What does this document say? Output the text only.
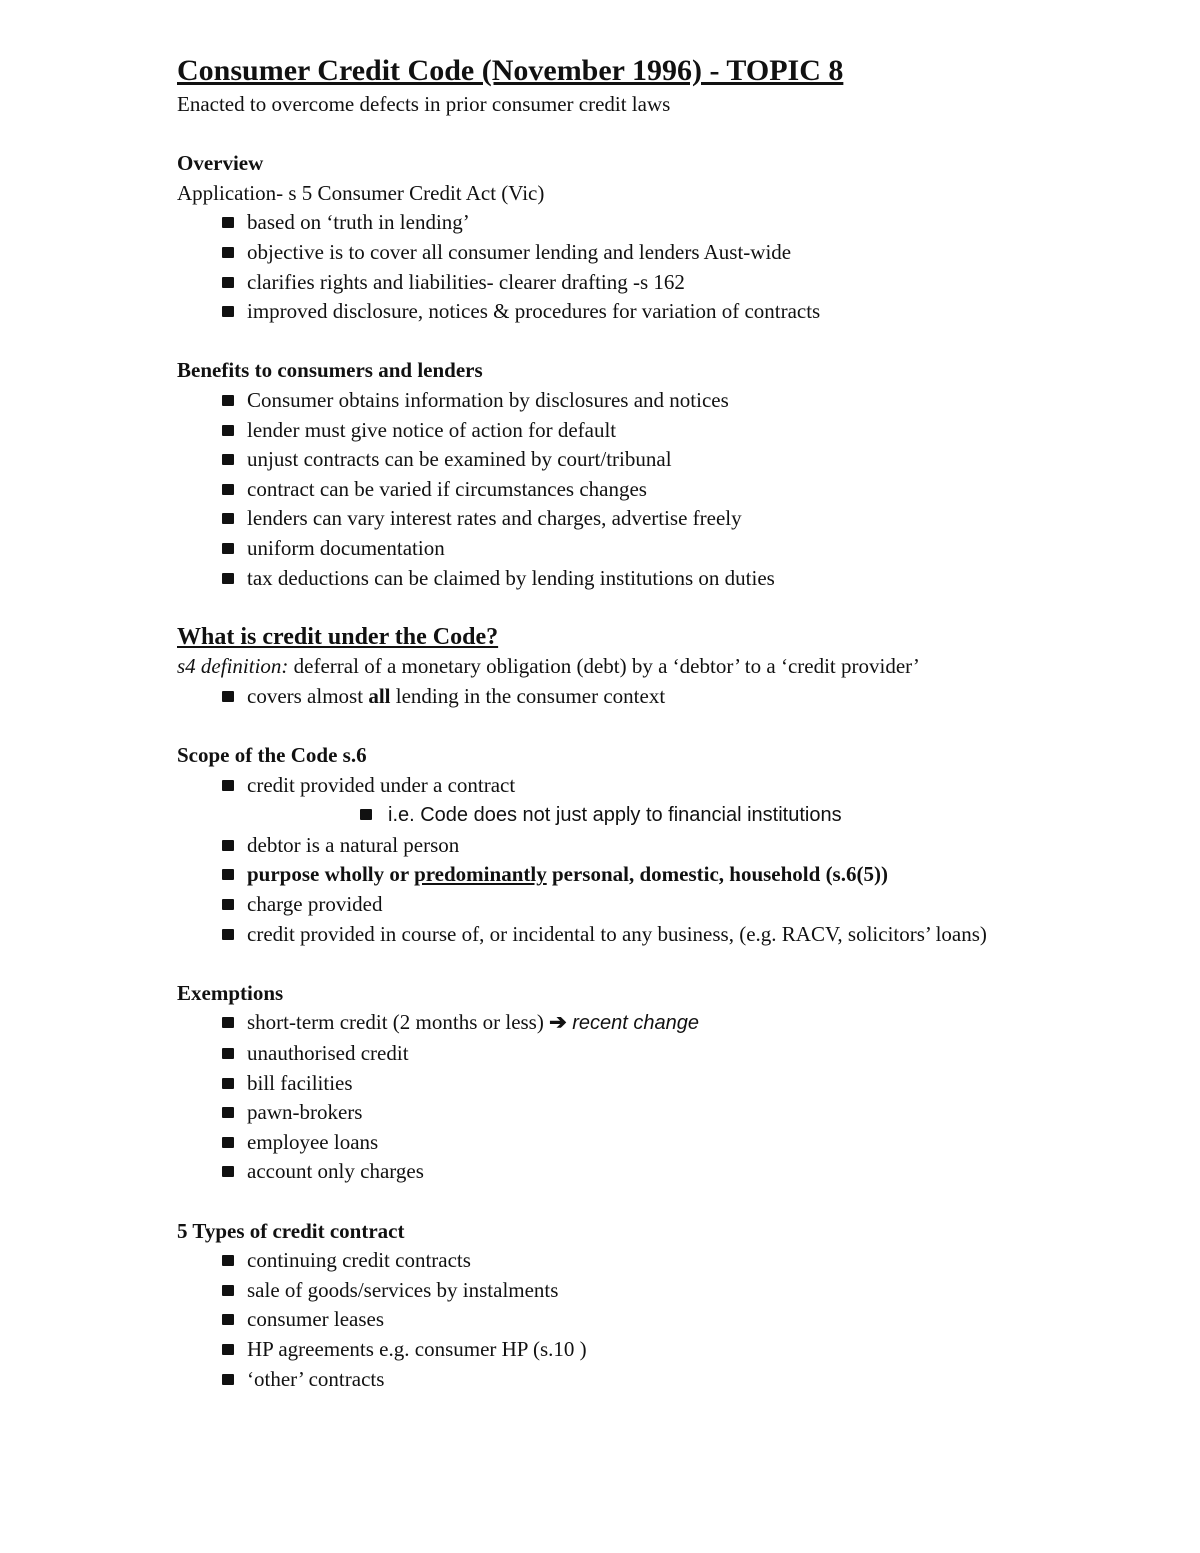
Consumer Credit Code (November 1996) - TOPIC 8

Enacted to overcome defects in prior consumer credit laws

Overview

Application- s 5 Consumer Credit Act (Vic)

based on ‘truth in lending’
objective is to cover all consumer lending and lenders Aust-wide
clarifies rights and liabilities- clearer drafting -s 162
improved disclosure, notices & procedures for variation of contracts

Benefits to consumers and lenders

Consumer obtains information by disclosures and notices
lender must give notice of action for default
unjust contracts can be examined by court/tribunal
contract can be varied if circumstances changes
lenders can vary interest rates and charges, advertise freely
uniform documentation
tax deductions can be claimed by lending institutions on duties

What is credit under the Code?

s4 definition: deferral of a monetary obligation (debt) by a ‘debtor’ to a ‘credit provider’

covers almost all lending in the consumer context

Scope of the Code s.6

credit provided under a contract
i.e. Code does not just apply to financial institutions
debtor is a natural person
purpose wholly or predominantly personal, domestic, household (s.6(5))
charge provided
credit provided in course of, or incidental to any business, (e.g. RACV, solicitors’ loans)

Exemptions

short-term credit (2 months or less) ➔ recent change
unauthorised credit
bill facilities
pawn-brokers
employee loans
account only charges

5 Types of credit contract

continuing credit contracts
sale of goods/services by instalments
consumer leases
HP agreements e.g. consumer HP (s.10 )
‘other’ contracts
